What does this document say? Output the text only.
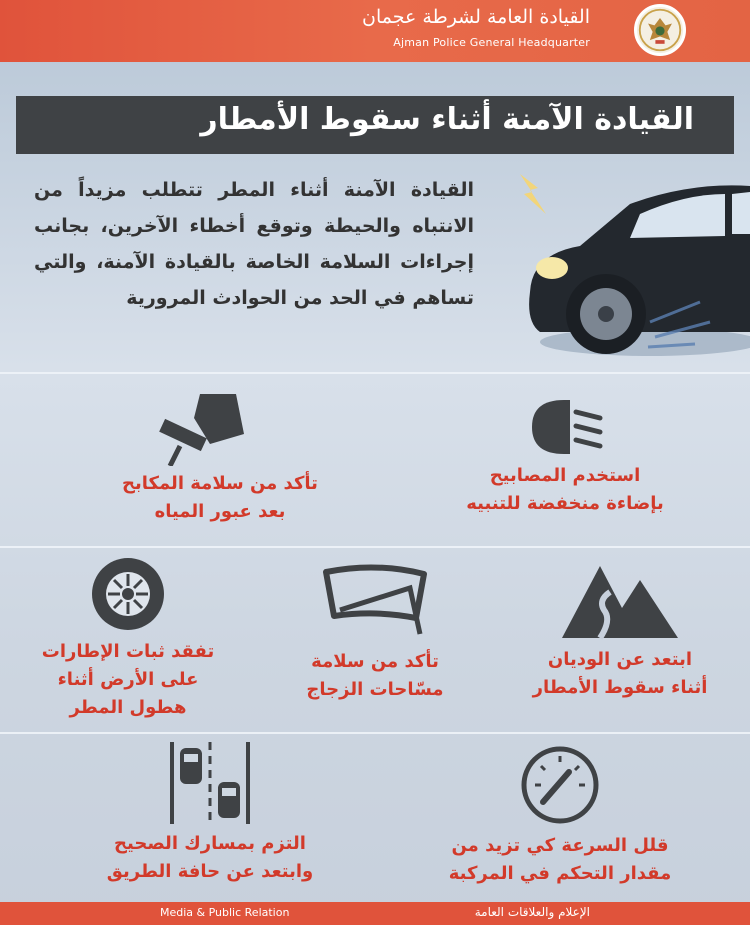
القيادة العامة لشرطة عجمان
Ajman Police General Headquarter
القيادة الآمنة أثناء سقوط الأمطار
القيادة الآمنة أثناء المطر تتطلب مزيداً من الانتباه والحيطة وتوقع أخطاء الآخرين، بجانب إجراءات السلامة الخاصة بالقيادة الآمنة، والتي تساهم في الحد من الحوادث المرورية
استخدم المصابيح
بإضاءة منخفضة للتنبيه
تأكد من سلامة المكابح
بعد عبور المياه
ابتعد عن الوديان
أثناء سقوط الأمطار
تأكد من سلامة
مسّاحات الزجاج
تفقد ثبات الإطارات
على الأرض أثناء
هطول المطر
قلل السرعة كي تزيد من
مقدار التحكم في المركبة
التزم بمسارك الصحيح
وابتعد عن حافة الطريق
Media & Public Relation	الإعلام والعلاقات العامة
